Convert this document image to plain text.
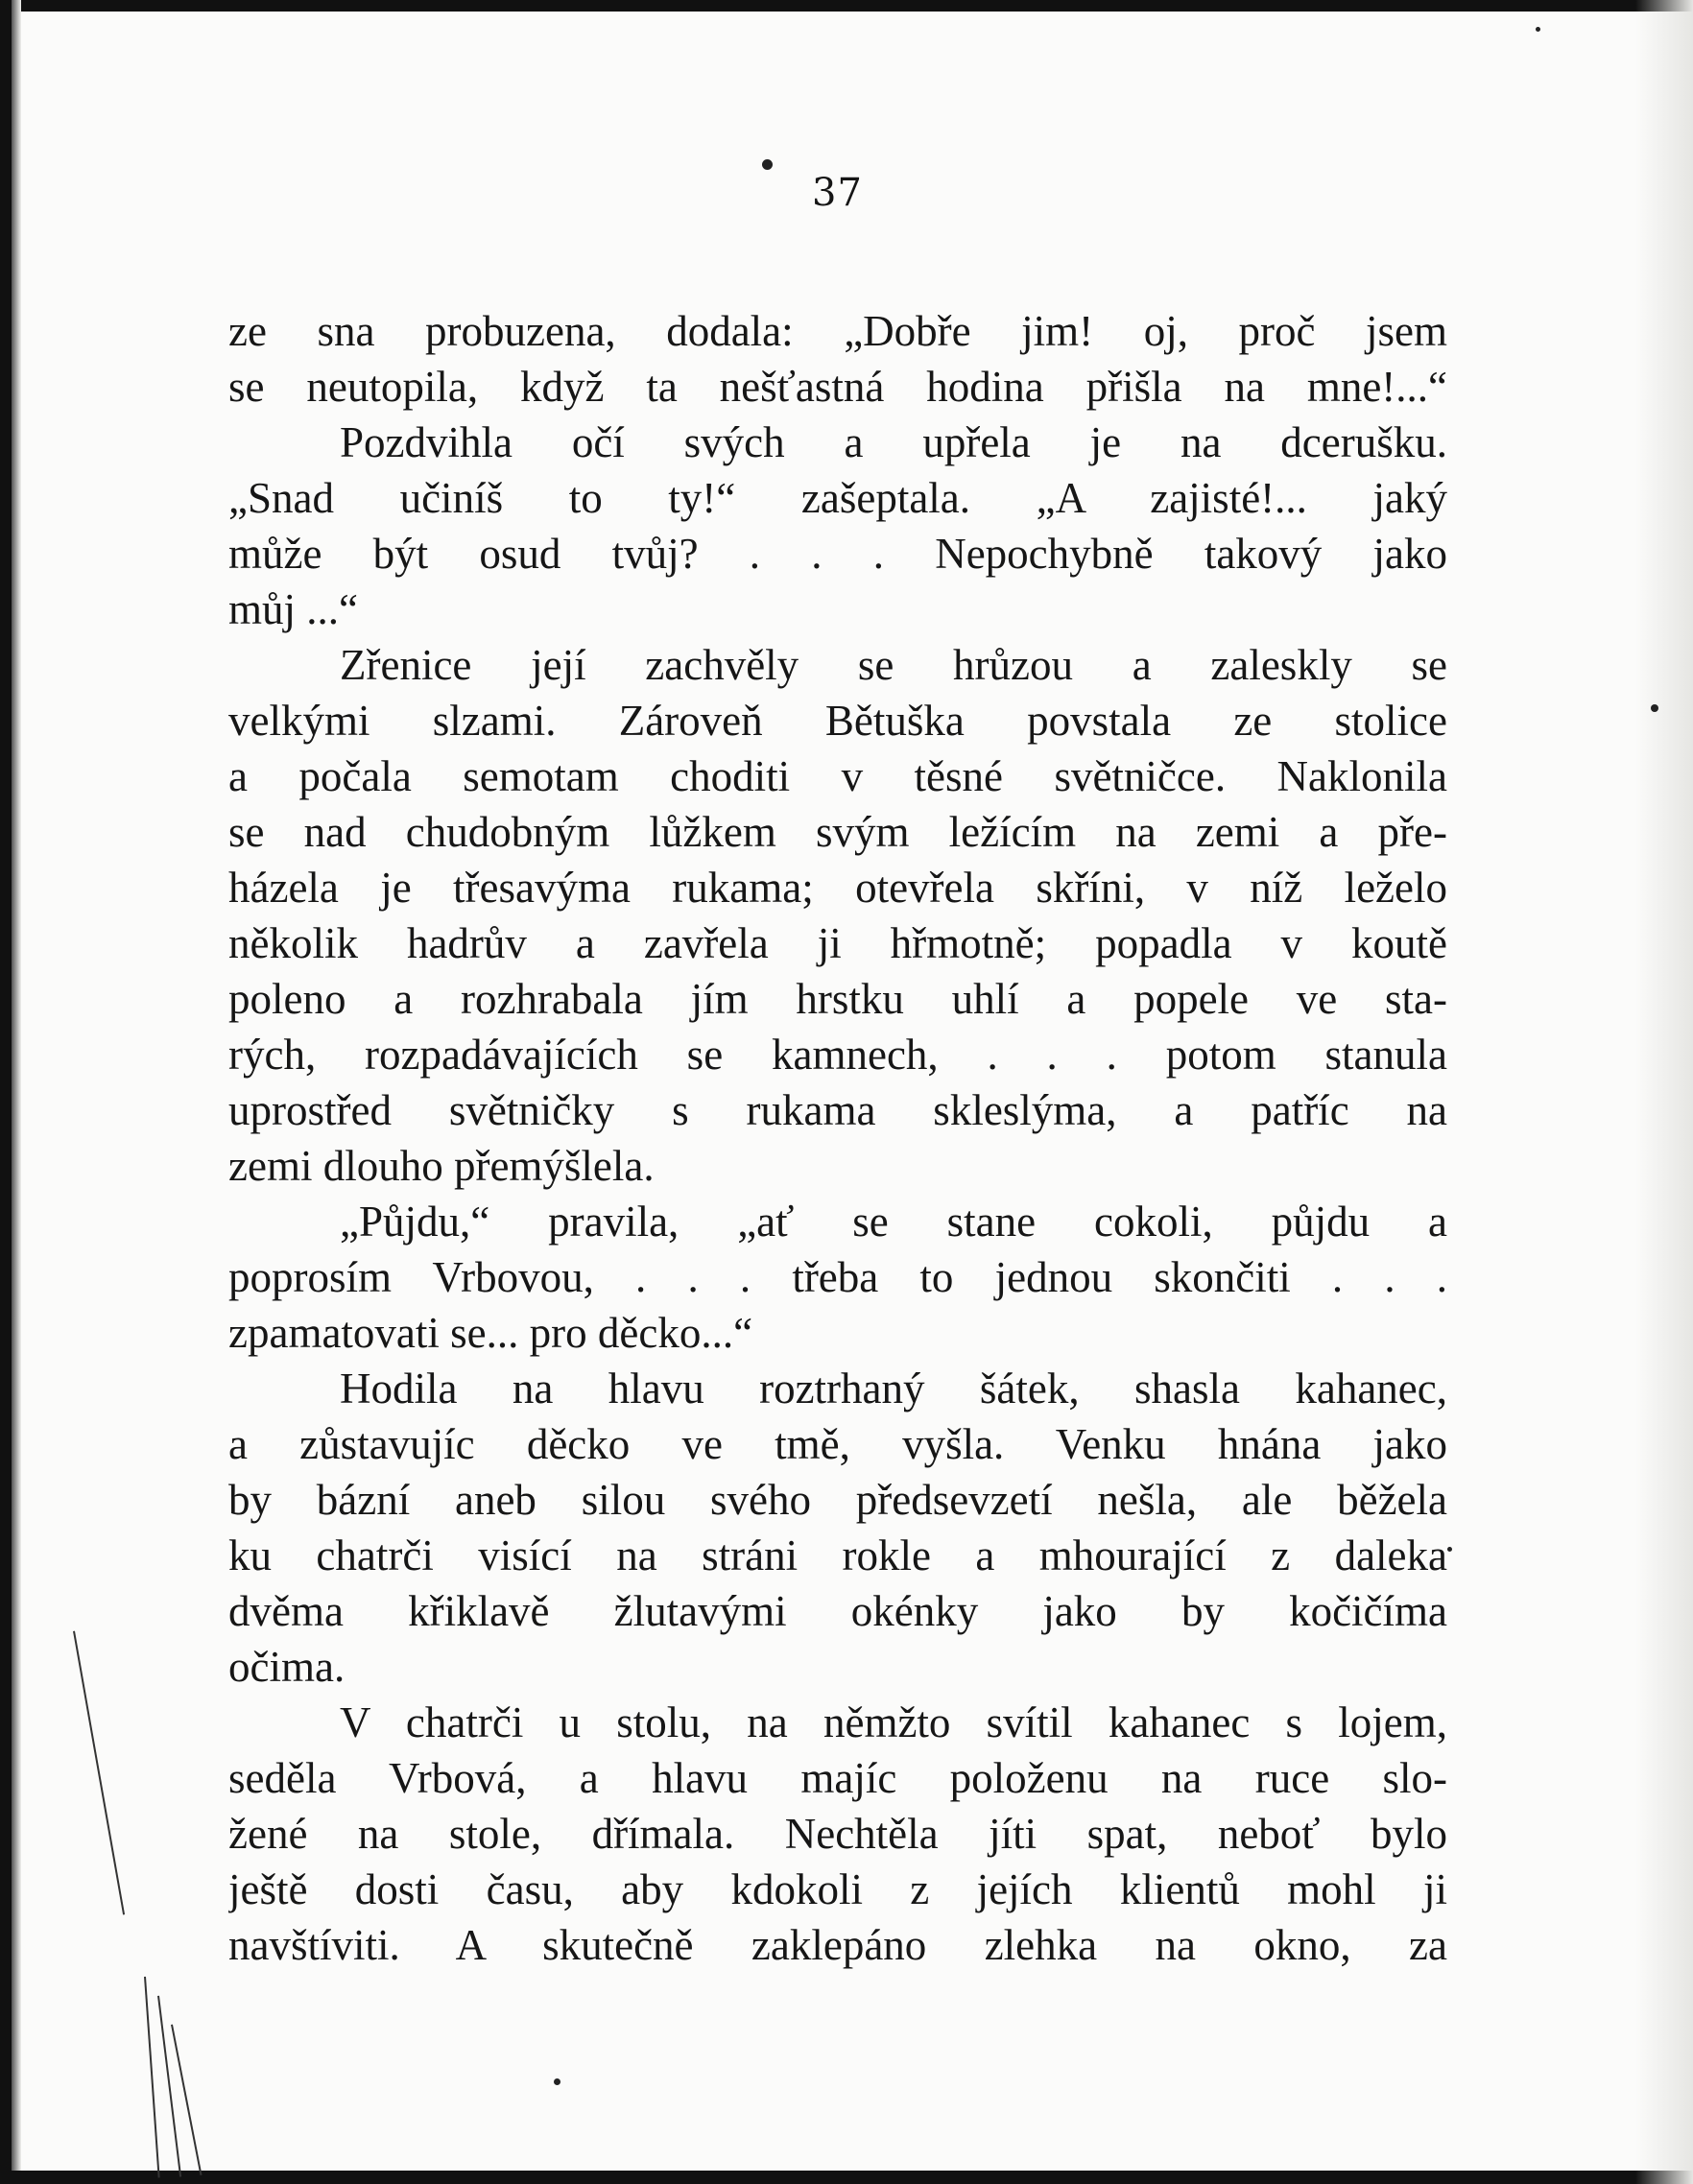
37
ze sna probuzena, dodala: „Dobře jim! oj, proč jsem
se neutopila, když ta nešťastná hodina přišla na mne!...“
Pozdvihla očí svých a upřela je na dcerušku.
„Snad učiníš to ty!“ zašeptala. „A zajisté!... jaký
může být osud tvůj? . . . Nepochybně takový jako
můj ...“
Zřenice její zachvěly se hrůzou a zaleskly se
velkými slzami. Zároveň Bětuška povstala ze stolice
a počala semotam choditi v těsné světničce. Naklonila
se nad chudobným lůžkem svým ležícím na zemi a pře-
házela je třesavýma rukama; otevřela skříni, v níž leželo
několik hadrův a zavřela ji hřmotně; popadla v koutě
poleno a rozhrabala jím hrstku uhlí a popele ve sta-
rých, rozpadávajících se kamnech, . . . potom stanula
uprostřed světničky s rukama skleslýma, a patříc na
zemi dlouho přemýšlela.
„Půjdu,“ pravila, „ať se stane cokoli, půjdu a
poprosím Vrbovou, . . . třeba to jednou skončiti . . .
zpamatovati se... pro děcko...“
Hodila na hlavu roztrhaný šátek, shasla kahanec,
a zůstavujíc děcko ve tmě, vyšla. Venku hnána jako
by bázní aneb silou svého předsevzetí nešla, ale běžela
ku chatrči visící na stráni rokle a mhourající z daleka
dvěma křiklavě žlutavými okénky jako by kočičíma
očima.
V chatrči u stolu, na němžto svítil kahanec s lojem,
seděla Vrbová, a hlavu majíc položenu na ruce slo-
žené na stole, dřímala. Nechtěla jíti spat, neboť bylo
ještě dosti času, aby kdokoli z jejích klientů mohl ji
navštíviti. A skutečně zaklepáno zlehka na okno, za
